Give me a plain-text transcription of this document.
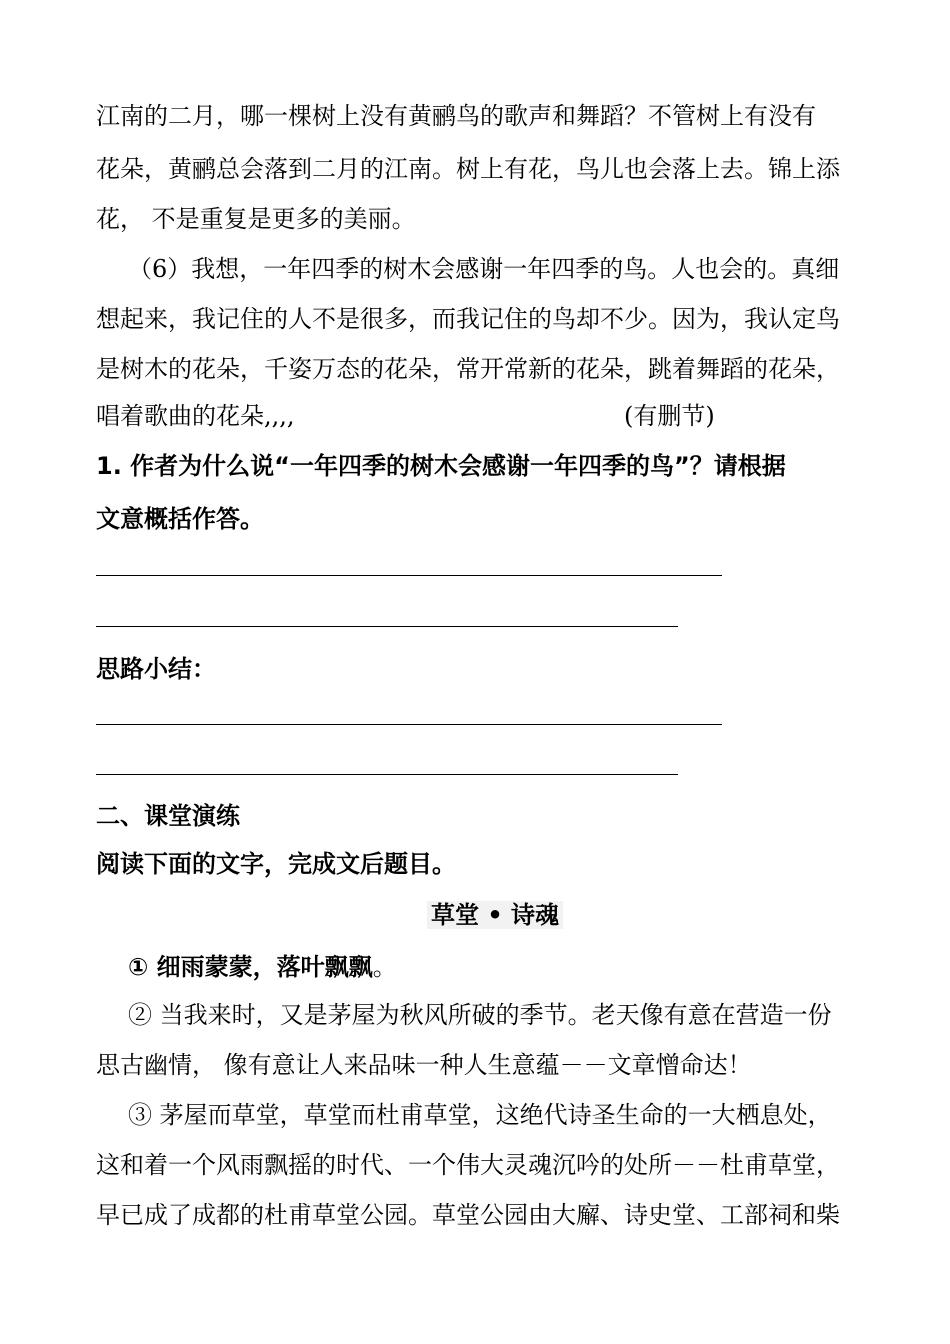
江南的二月，哪一棵树上没有黄鹂鸟的歌声和舞蹈？不管树上有没有
花朵，黄鹂总会落到二月的江南。树上有花，鸟儿也会落上去。锦上添
花， 不是重复是更多的美丽。
（6）我想，一年四季的树木会感谢一年四季的鸟。人也会的。真细
想起来，我记住的人不是很多，而我记住的鸟却不少。因为，我认定鸟
是树木的花朵，千姿万态的花朵，常开常新的花朵，跳着舞蹈的花朵，
唱着歌曲的花朵,,,,	(有删节)
1. 作者为什么说“一年四季的树木会感谢一年四季的鸟”？请根据
文意概括作答。
思路小结：
二、课堂演练
阅读下面的文字，完成文后题目。
草堂 • 诗魂
① 细雨蒙蒙，落叶飘飘。
② 当我来时，又是茅屋为秋风所破的季节。老天像有意在营造一份
思古幽情， 像有意让人来品味一种人生意蕴－－文章憎命达！
③ 茅屋而草堂，草堂而杜甫草堂，这绝代诗圣生命的一大栖息处，
这和着一个风雨飘摇的时代、一个伟大灵魂沉吟的处所－－杜甫草堂，
早已成了成都的杜甫草堂公园。草堂公园由大廨、诗史堂、工部祠和柴
